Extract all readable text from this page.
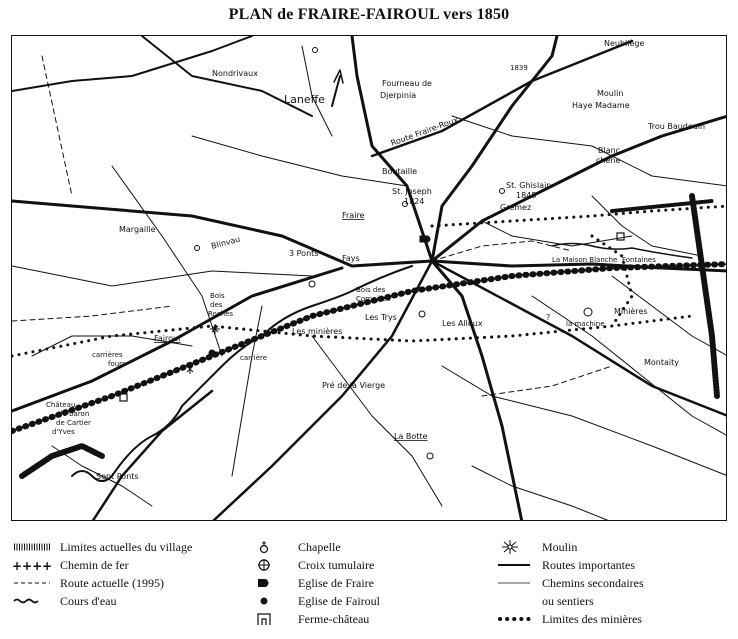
PLAN de FRAIRE-FAIROUL vers 1850
Neubliège
Nondrivaux
Laneffe
Fourneau de
Djerpinia
1839
Route Fraire-Roux
Moulin
Haye Madame
Trou Baudouin
Blanc
chêne
Boutaille
St. Joseph
1824
St. Ghislain
1848
Gremez
Fraire
Margaille
Blinvau
3 Ponts
Fays	La Maison Blanche Fontaines
Bois
des
Roches
Bois des
Cornailles
Les minières
Les Trys
Les Alleux	la machine
Minières
Fairoul
carrières
fours
carrière	Montaity
Pré de la Vierge
Château
du baron
de Cartier
d'Yves	La Botte
Sept Ponts
?
Limites actuelles du village
++++ Chemin de fer
Route actuelle (1995)
Cours d'eau
Chapelle
Croix tumulaire
Eglise de Fraire
Eglise de Fairoul
Ferme-château
Moulin
Routes importantes
Chemins secondaires
ou sentiers
Limites des minières
